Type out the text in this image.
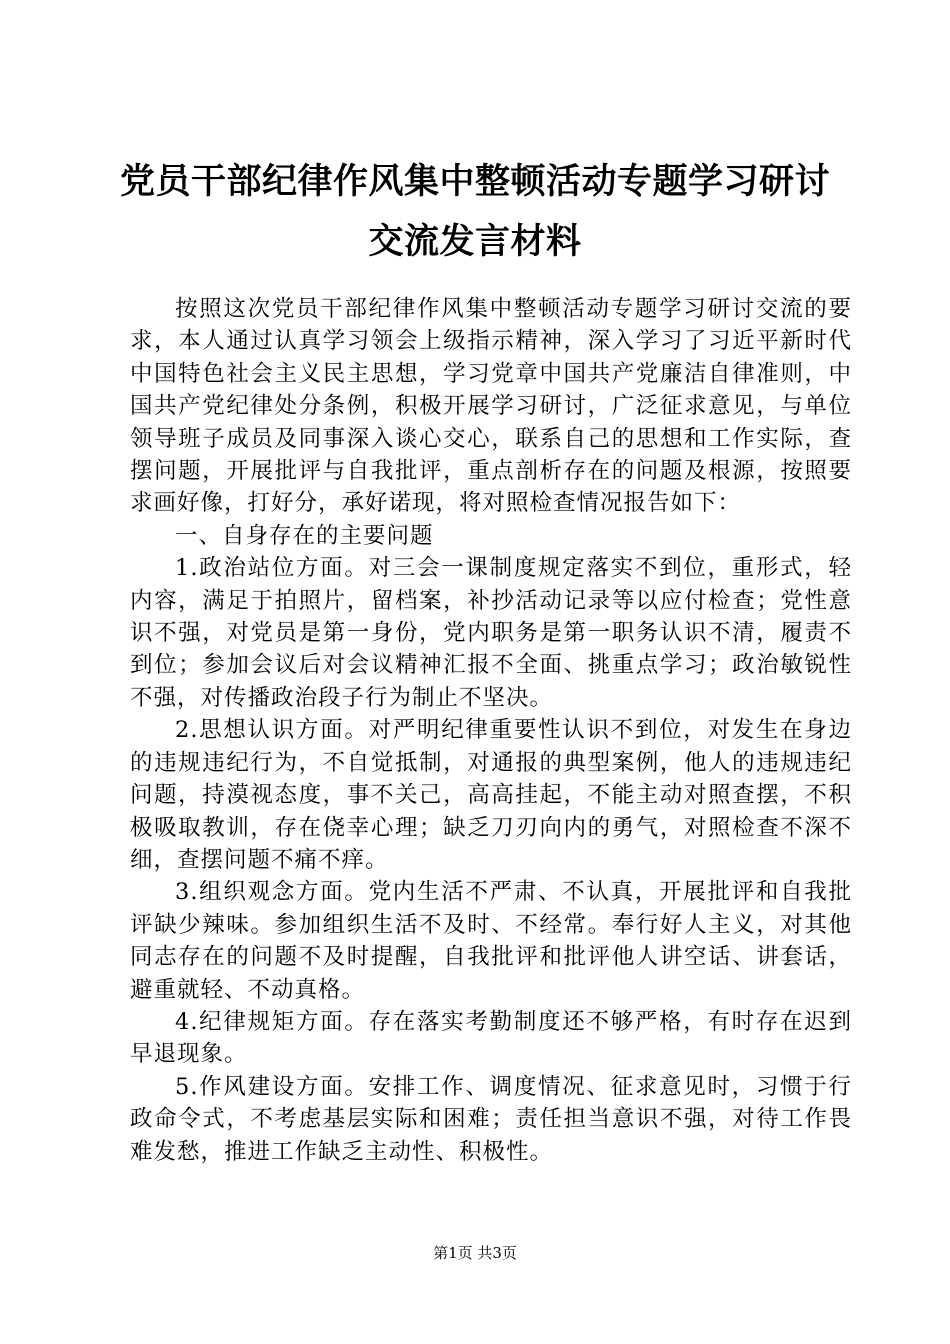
党员干部纪律作风集中整顿活动专题学习研讨
交流发言材料

按照这次党员干部纪律作风集中整顿活动专题学习研讨交流的要求，本人通过认真学习领会上级指示精神，深入学习了习近平新时代中国特色社会主义民主思想，学习党章中国共产党廉洁自律准则，中国共产党纪律处分条例，积极开展学习研讨，广泛征求意见，与单位领导班子成员及同事深入谈心交心，联系自己的思想和工作实际，查摆问题，开展批评与自我批评，重点剖析存在的问题及根源，按照要求画好像，打好分，承好诺现，将对照检查情况报告如下：

一、自身存在的主要问题

1.政治站位方面。对三会一课制度规定落实不到位，重形式，轻内容，满足于拍照片，留档案，补抄活动记录等以应付检查；党性意识不强，对党员是第一身份，党内职务是第一职务认识不清，履责不到位；参加会议后对会议精神汇报不全面、挑重点学习；政治敏锐性不强，对传播政治段子行为制止不坚决。

2.思想认识方面。对严明纪律重要性认识不到位，对发生在身边的违规违纪行为，不自觉抵制，对通报的典型案例，他人的违规违纪问题，持漠视态度，事不关己，高高挂起，不能主动对照查摆，不积极吸取教训，存在侥幸心理；缺乏刀刃向内的勇气，对照检查不深不细，查摆问题不痛不痒。

3.组织观念方面。党内生活不严肃、不认真，开展批评和自我批评缺少辣味。参加组织生活不及时、不经常。奉行好人主义，对其他同志存在的问题不及时提醒，自我批评和批评他人讲空话、讲套话，避重就轻、不动真格。

4.纪律规矩方面。存在落实考勤制度还不够严格，有时存在迟到早退现象。

5.作风建设方面。安排工作、调度情况、征求意见时，习惯于行政命令式，不考虑基层实际和困难；责任担当意识不强，对待工作畏难发愁，推进工作缺乏主动性、积极性。

第1页 共3页
